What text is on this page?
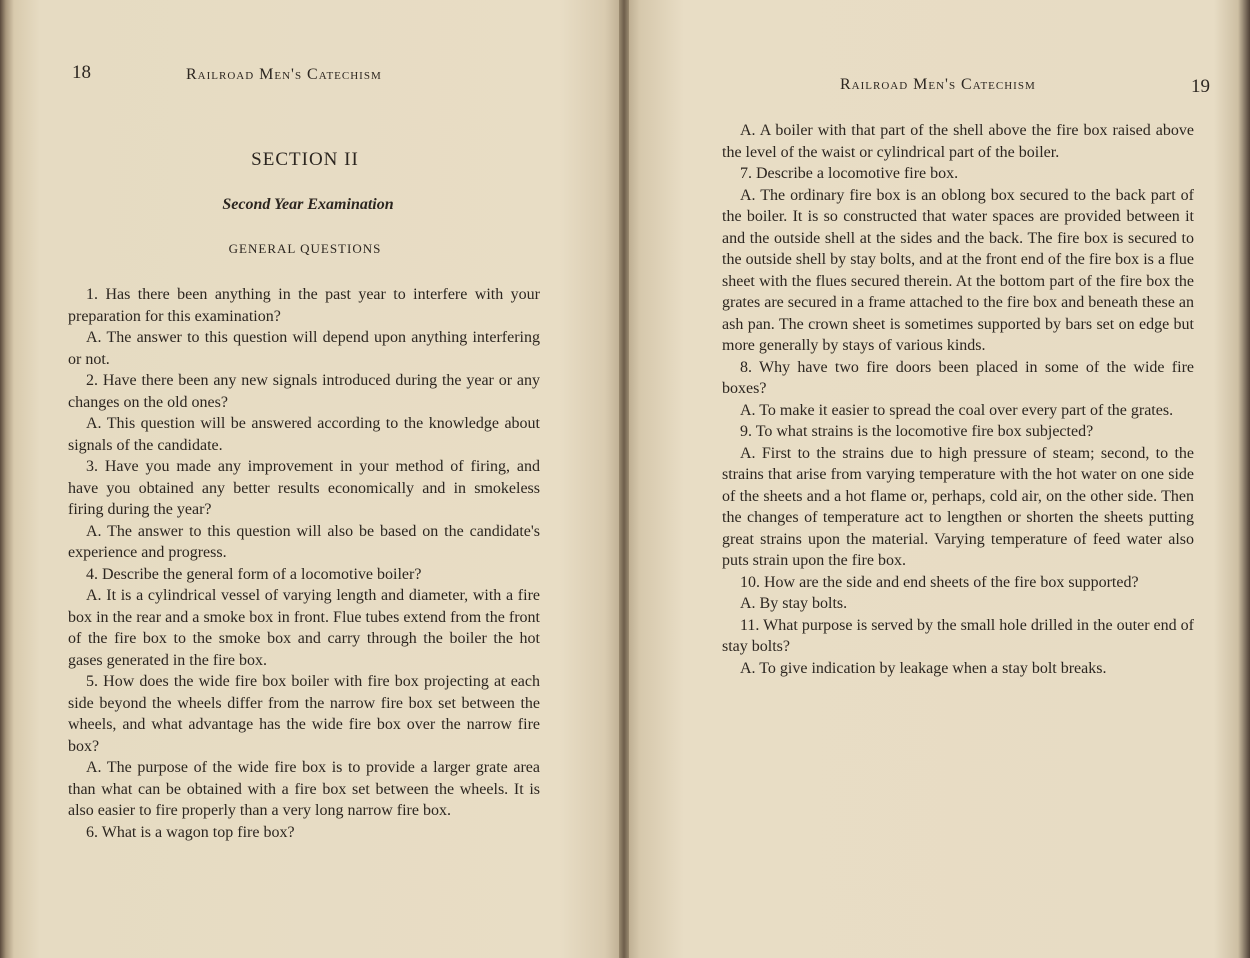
18	Railroad Men's Catechism
SECTION II
Second Year Examination
GENERAL QUESTIONS

1. Has there been anything in the past year to interfere with your preparation for this examination?

A. The answer to this question will depend upon anything interfering or not.

2. Have there been any new signals introduced during the year or any changes on the old ones?

A. This question will be answered according to the knowledge about signals of the candidate.

3. Have you made any improvement in your method of firing, and have you obtained any better results economically and in smokeless firing during the year?

A. The answer to this question will also be based on the candidate's experience and progress.

4. Describe the general form of a locomotive boiler?

A. It is a cylindrical vessel of varying length and diameter, with a fire box in the rear and a smoke box in front. Flue tubes extend from the front of the fire box to the smoke box and carry through the boiler the hot gases generated in the fire box.

5. How does the wide fire box boiler with fire box projecting at each side beyond the wheels differ from the narrow fire box set between the wheels, and what advantage has the wide fire box over the narrow fire box?

A. The purpose of the wide fire box is to provide a larger grate area than what can be obtained with a fire box set between the wheels. It is also easier to fire properly than a very long narrow fire box.

6. What is a wagon top fire box?

Railroad Men's Catechism	19

A. A boiler with that part of the shell above the fire box raised above the level of the waist or cylindrical part of the boiler.

7. Describe a locomotive fire box.

A. The ordinary fire box is an oblong box secured to the back part of the boiler. It is so constructed that water spaces are provided between it and the outside shell at the sides and the back. The fire box is secured to the outside shell by stay bolts, and at the front end of the fire box is a flue sheet with the flues secured therein. At the bottom part of the fire box the grates are secured in a frame attached to the fire box and beneath these an ash pan. The crown sheet is sometimes supported by bars set on edge but more generally by stays of various kinds.

8. Why have two fire doors been placed in some of the wide fire boxes?

A. To make it easier to spread the coal over every part of the grates.

9. To what strains is the locomotive fire box subjected?

A. First to the strains due to high pressure of steam; second, to the strains that arise from varying temperature with the hot water on one side of the sheets and a hot flame or, perhaps, cold air, on the other side. Then the changes of temperature act to lengthen or shorten the sheets putting great strains upon the material. Varying temperature of feed water also puts strain upon the fire box.

10. How are the side and end sheets of the fire box supported?

A. By stay bolts.

11. What purpose is served by the small hole drilled in the outer end of stay bolts?

A. To give indication by leakage when a stay bolt breaks.
